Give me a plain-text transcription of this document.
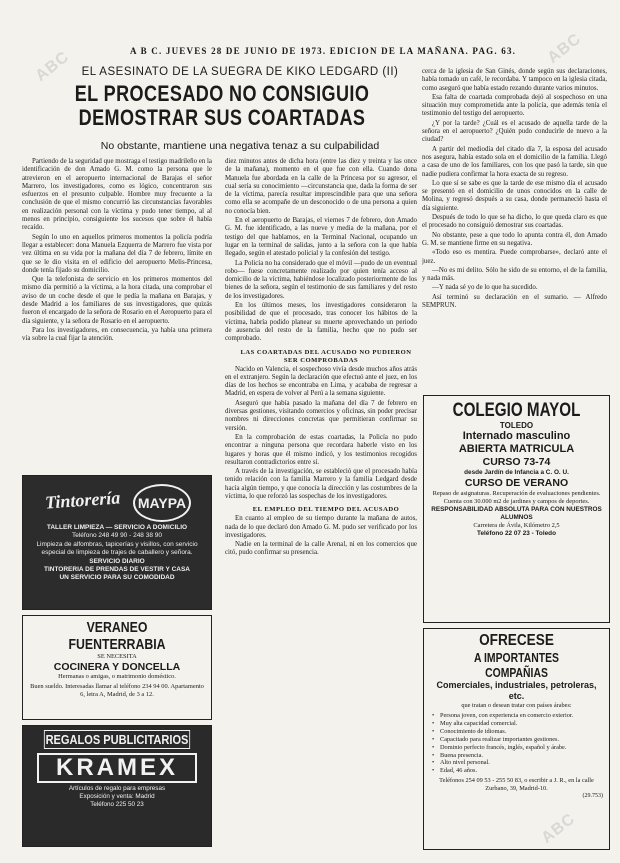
ABC	ABC
ABC
A B C. JUEVES 28 DE JUNIO DE 1973. EDICION DE LA MAÑANA. PAG. 63.
EL ASESINATO DE LA SUEGRA DE KIKO LEDGARD (II)
EL PROCESADO NO CONSIGUIO DEMOSTRAR SUS COARTADAS
No obstante, mantiene una negativa tenaz a su culpabilidad

Partiendo de la seguridad que mostraga el testigo madrileño en la identificación de don Amado G. M. como la persona que le atrevieron en el aeropuerto internacional de Barajas el señor Marrero, los investigadores, como es lógico, concentraron sus esfuerzos en el presunto culpable. Hombre muy frecuente a la conclusión de que el mismo concurrió las circunstancias favorables en realización personal con la víctima y pudo tener tiempo, al al menos en principio, consiguiente los sucesos que sobre él había recaído.

Según lo uno en aquellos primeros momentos la policía podría llegar a establecer: dona Manuela Ezquerra de Marrero fue vista por vez última en su vida por la mañana del día 7 de febrero, límite en que se le dio visita en el edificio del aeropuerto Melis-Princesa, donde tenía fijado su domicilio.

Que la telefonista de servicio en los primeros momentos del mismo día permitió a la víctima, a la hora citada, una comprobar el aviso de un coche desde el que le pedía la mañana en Barajas, y desde Madrid a los familiares de sus investigadores, que quizás fueron el encargado de la señora de Rosario en el Aeropuerto para el día siguiente, y la señora de Rosario en el aeropuerto.

Para los investigadores, en consecuencia, ya había una primera vía sobre la cual fijar la atención.

diez minutos antes de dicha hora (entre las diez y treinta y las once de la mañana), momento en el que fue con ella. Cuando dona Manuela fue abordada en la calle de la Princesa por su agresor, el cual sería su conocimiento —circunstancia que, dada la forma de ser de la víctima, parecía resultar imprescindible para que una señora como ella se acompañe de un desconocido o de una persona a quien no conocía bien.

En el aeropuerto de Barajas, el viernes 7 de febrero, don Amado G. M. fue identificado, a las nueve y media de la mañana, por el testigo del que hablamos, en la Terminal Nacional, ocupando un lugar en la terminal de salidas, junto a la señora con la que había llegado, según el atestado policial y la confesión del testigo.

La Policía no ha considerado que el móvil —pudo de un eventual robo— fuese concretamente realizado por quien tenía acceso al domicilio de la víctima, habiéndose localizado posteriormente de los bienes de la señora, según el testimonio de sus familiares y del resto de los investigadores.

En los últimos meses, los investigadores consideraron la posibilidad de que el procesado, tras conocer los hábitos de la víctima, habría podido planear su muerte aprovechando un periodo de ausencia del resto de la familia, hecho que no pudo ser comprobado.

LAS COARTADAS DEL ACUSADO NO PUDIERON SER COMPROBADAS

Nacido en Valencia, el sospechoso vivía desde muchos años atrás en el extranjero. Según la declaración que efectuó ante el juez, en los días de los hechos se encontraba en Lima, y acababa de regresar a Madrid, en espera de volver al Perú a la semana siguiente.

Aseguró que había pasado la mañana del día 7 de febrero en diversas gestiones, visitando comercios y oficinas, sin poder precisar nombres ni direcciones concretas que permitieran confirmar su versión.

En la comprobación de estas coartadas, la Policía no pudo encontrar a ninguna persona que recordara haberle visto en los lugares y horas que él mismo indicó, y los testimonios recogidos resultaron contradictorios entre sí.

A través de la investigación, se estableció que el procesado había tenido relación con la familia Marrero y la familia Ledgard desde hacía algún tiempo, y que conocía la dirección y las costumbres de la víctima, lo que reforzó las sospechas de los investigadores.

EL EMPLEO DEL TIEMPO DEL ACUSADO

En cuanto al empleo de su tiempo durante la mañana de autos, nada de lo que declaró don Amado G. M. pudo ser verificado por los investigadores.

Nadie en la terminal de la calle Arenal, ni en los comercios que citó, pudo confirmar su presencia.

cerca de la iglesia de San Ginés, donde según sus declaraciones, había tomado un café, le recordaba. Y tampoco en la iglesia citada, como aseguró que había estado rezando durante varios minutos.

Esa falta de coartada comprobada dejó al sospechoso en una situación muy comprometida ante la policía, que además tenía el testimonio del testigo del aeropuerto.

¿Y por la tarde? ¿Cuál es el acusado de aquella tarde de la señora en el aeropuerto? ¿Quién pudo conducirle de nuevo a la ciudad?

A partir del mediodía del citado día 7, la esposa del acusado nos asegura, había estado sola en el domicilio de la familia. Llegó a casa de uno de los familiares, con los que pasó la tarde, sin que nadie pudiera confirmar la hora exacta de su regreso.

Lo que sí se sabe es que la tarde de ese mismo día el acusado se presentó en el domicilio de unos conocidos en la calle de Molina, y regresó después a su casa, donde permaneció hasta el día siguiente.

Después de todo lo que se ha dicho, lo que queda claro es que el procesado no consiguió demostrar sus coartadas.

No obstante, pese a que todo lo apunta contra él, don Amado G. M. se mantiene firme en su negativa.

«Todo eso es mentira. Puede comprobarse», declaró ante el juez.

—No es mi delito. Sólo he sido de su entorno, el de la familia, y nada más.

—Y nada sé yo de lo que ha sucedido.

Así terminó su declaración en el sumario. — Alfredo SEMPRUN.

Tintorería	MAYPA
TALLER LIMPIEZA — SERVICIO A DOMICILIO
Teléfono 248 49 90 - 248 38 90
Limpieza de alfombras, tapicerías y visillos, con servicio especial de limpieza de trajes de caballero y señora.
SERVICIO DIARIO
TINTORERIA DE PRENDAS DE VESTIR Y CASA
UN SERVICIO PARA SU COMODIDAD
VERANEO FUENTERRABIA
SE NECESITA
COCINERA Y DONCELLA
Hermanas o amigas, o matrimonio doméstico.
Buen sueldo. Interesadas llamar al teléfono 234 94 00. Apartamento 6, letra A, Madrid, de 3 a 12.
REGALOS PUBLICITARIOS
KRAMEX
Artículos de regalo para empresas
Exposición y venta: Madrid
Teléfono 225 50 23
COLEGIO MAYOL
TOLEDO
Internado masculino
ABIERTA MATRICULA
CURSO 73-74
desde Jardín de Infancia a C. O. U.
CURSO DE VERANO
Repaso de asignaturas. Recuperación de evaluaciones pendientes.
Cuenta con 30.000 m2 de jardines y campos de deportes.
RESPONSABILIDAD ABSOLUTA PARA CON NUESTROS ALUMNOS
Carretera de Ávila, Kilómetro 2,5
Teléfono 22 07 23 - Toledo
OFRECESE
A IMPORTANTES COMPAÑIAS
Comerciales, industriales, petroleras, etc.
que tratan o desean tratar con países árabes:
• Persona joven, con experiencia en comercio exterior.
• Muy alta capacidad comercial.
• Conocimiento de idiomas.
• Capacitado para realizar importantes gestiones.
• Dominio perfecto francés, inglés, español y árabe.
• Buena presencia.
• Alto nivel personal.
• Edad, 46 años.
Teléfonos 254 09 53 - 255 50 83, o escribir a J. R., en la calle Zurbano, 39, Madrid-10.
(29.753)
